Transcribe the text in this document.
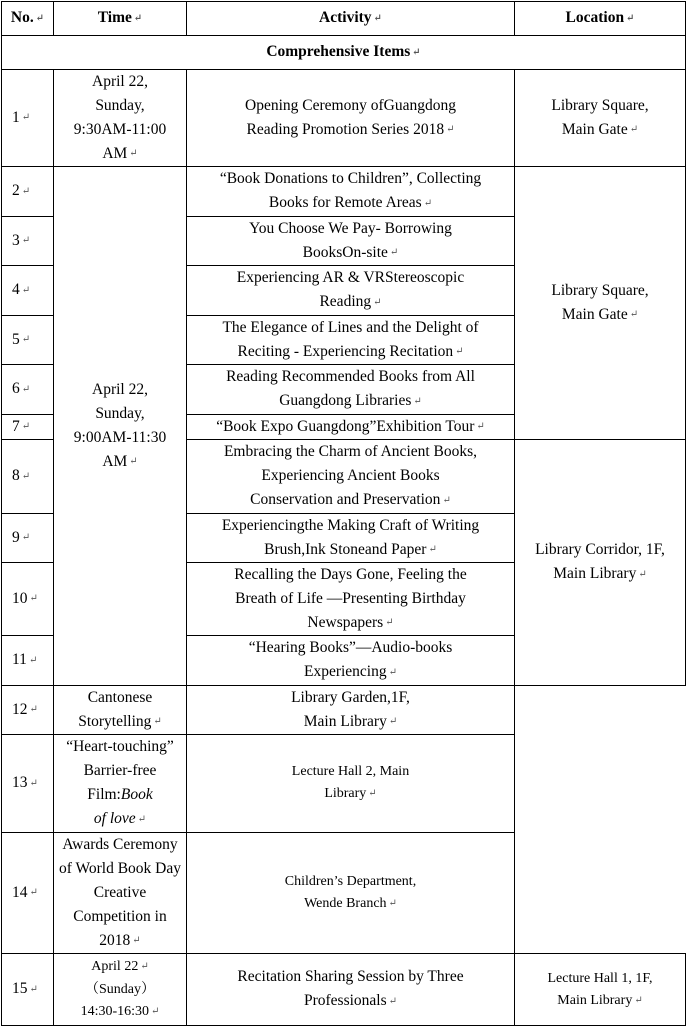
No. ↵	Time ↵	Activity ↵	Location ↵
Comprehensive Items ↵			
1 ↵	April 22,
Sunday,
9:30AM-11:00
AM ↵	Opening Ceremony ofGuangdong
Reading Promotion Series 2018 ↵	Library Square,
Main Gate ↵
2 ↵	April 22,
Sunday,
9:00AM-11:30
AM ↵	“Book Donations to Children”, Collecting
Books for Remote Areas ↵	Library Square,
Main Gate ↵
3 ↵		You Choose We Pay- Borrowing
BooksOn-site ↵	
4 ↵		Experiencing AR & VRStereoscopic
Reading ↵	
5 ↵		The Elegance of Lines and the Delight of
Reciting - Experiencing Recitation ↵	
6 ↵		Reading Recommended Books from All
Guangdong Libraries ↵	
7 ↵		“Book Expo Guangdong”Exhibition Tour ↵	
8 ↵		Embracing the Charm of Ancient Books,
Experiencing Ancient Books
Conservation and Preservation ↵	Library Corridor, 1F,
Main Library ↵
9 ↵		Experiencingthe Making Craft of Writing
Brush,Ink Stoneand Paper ↵	
10 ↵		Recalling the Days Gone, Feeling the
Breath of Life —Presenting Birthday
Newspapers ↵	
11 ↵		“Hearing Books”—Audio-books
Experiencing ↵	
12 ↵	Cantonese Storytelling ↵	Library Garden,1F,
Main Library ↵	
13 ↵	“Heart-touching” Barrier-free Film:Book
of love ↵	Lecture Hall 2, Main
Library ↵	
14 ↵	Awards Ceremony of World Book Day
Creative Competition in 2018 ↵	Children’s Department,
Wende Branch ↵	
15 ↵	April 22 ↵
（Sunday）
14:30-16:30 ↵	Recitation Sharing Session by Three
Professionals ↵	Lecture Hall 1, 1F,
Main Library ↵
